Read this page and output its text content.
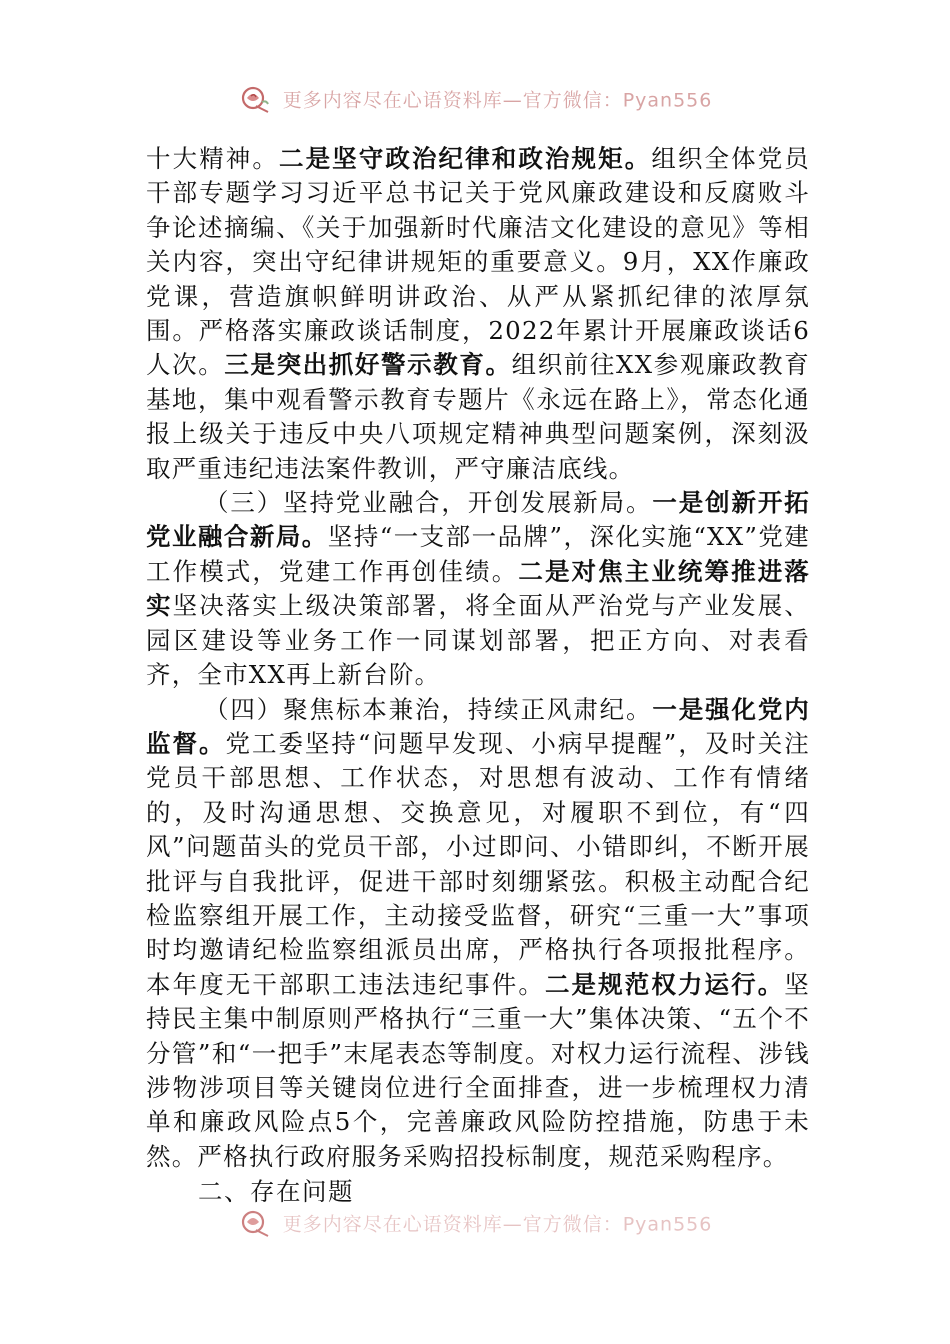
更多内容尽在心语资料库—官方微信：Pyan556

十大精神。二是坚守政治纪律和政治规矩。组织全体党员干部专题学习习近平总书记关于党风廉政建设和反腐败斗争论述摘编、《关于加强新时代廉洁文化建设的意见》等相关内容，突出守纪律讲规矩的重要意义。9月，XX作廉政党课，营造旗帜鲜明讲政治、从严从紧抓纪律的浓厚氛围。严格落实廉政谈话制度，2022年累计开展廉政谈话6人次。三是突出抓好警示教育。组织前往XX参观廉政教育基地，集中观看警示教育专题片《永远在路上》，常态化通报上级关于违反中央八项规定精神典型问题案例，深刻汲取严重违纪违法案件教训，严守廉洁底线。

（三）坚持党业融合，开创发展新局。一是创新开拓党业融合新局。坚持“一支部一品牌”，深化实施“XX”党建工作模式，党建工作再创佳绩。二是对焦主业统筹推进落实坚决落实上级决策部署，将全面从严治党与产业发展、园区建设等业务工作一同谋划部署，把正方向、对表看齐，全市XX再上新台阶。

（四）聚焦标本兼治，持续正风肃纪。一是强化党内监督。党工委坚持“问题早发现、小病早提醒”，及时关注党员干部思想、工作状态，对思想有波动、工作有情绪的，及时沟通思想、交换意见，对履职不到位，有“四风”问题苗头的党员干部，小过即问、小错即纠，不断开展批评与自我批评，促进干部时刻绷紧弦。积极主动配合纪检监察组开展工作，主动接受监督，研究“三重一大”事项时均邀请纪检监察组派员出席，严格执行各项报批程序。本年度无干部职工违法违纪事件。二是规范权力运行。坚持民主集中制原则严格执行“三重一大”集体决策、“五个不分管”和“一把手”末尾表态等制度。对权力运行流程、涉钱涉物涉项目等关键岗位进行全面排查，进一步梳理权力清单和廉政风险点5个，完善廉政风险防控措施，防患于未然。严格执行政府服务采购招投标制度，规范采购程序。

二、存在问题

更多内容尽在心语资料库—官方微信：Pyan556
